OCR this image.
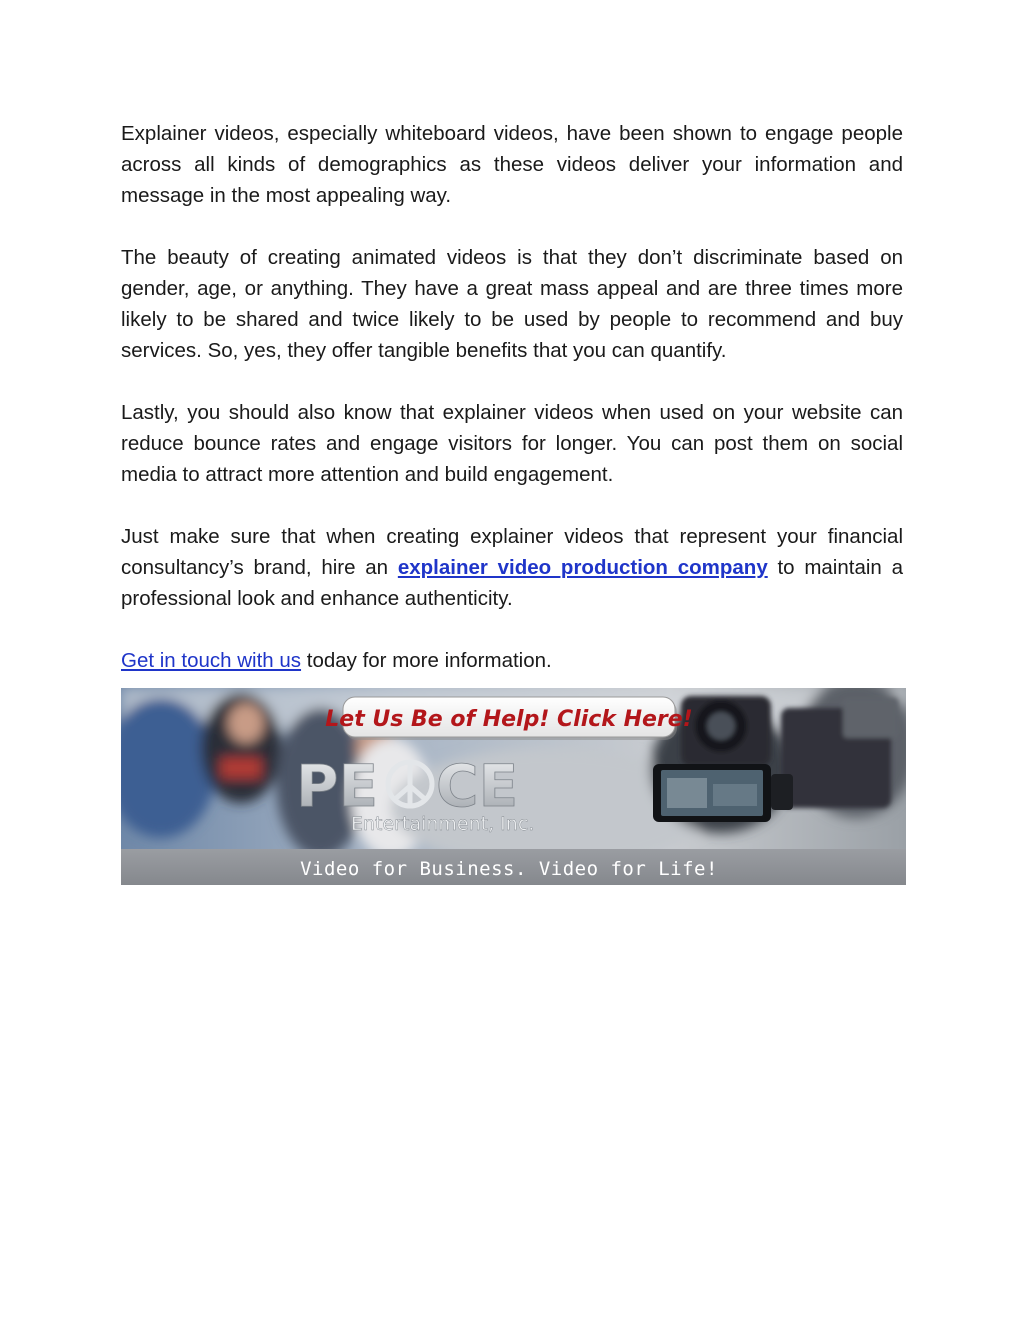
Explainer videos, especially whiteboard videos, have been shown to engage people across all kinds of demographics as these videos deliver your information and message in the most appealing way.

The beauty of creating animated videos is that they don’t discriminate based on gender, age, or anything. They have a great mass appeal and are three times more likely to be shared and twice likely to be used by people to recommend and buy services. So, yes, they offer tangible benefits that you can quantify.

Lastly, you should also know that explainer videos when used on your website can reduce bounce rates and engage visitors for longer. You can post them on social media to attract more attention and build engagement.

Just make sure that when creating explainer videos that represent your financial consultancy’s brand, hire an explainer video production company to maintain a professional look and enhance authenticity.

Get in touch with us today for more information.

Let Us Be of Help! Click Here!
PE CE
Entertainment, Inc.
Video for Business. Video for Life!
